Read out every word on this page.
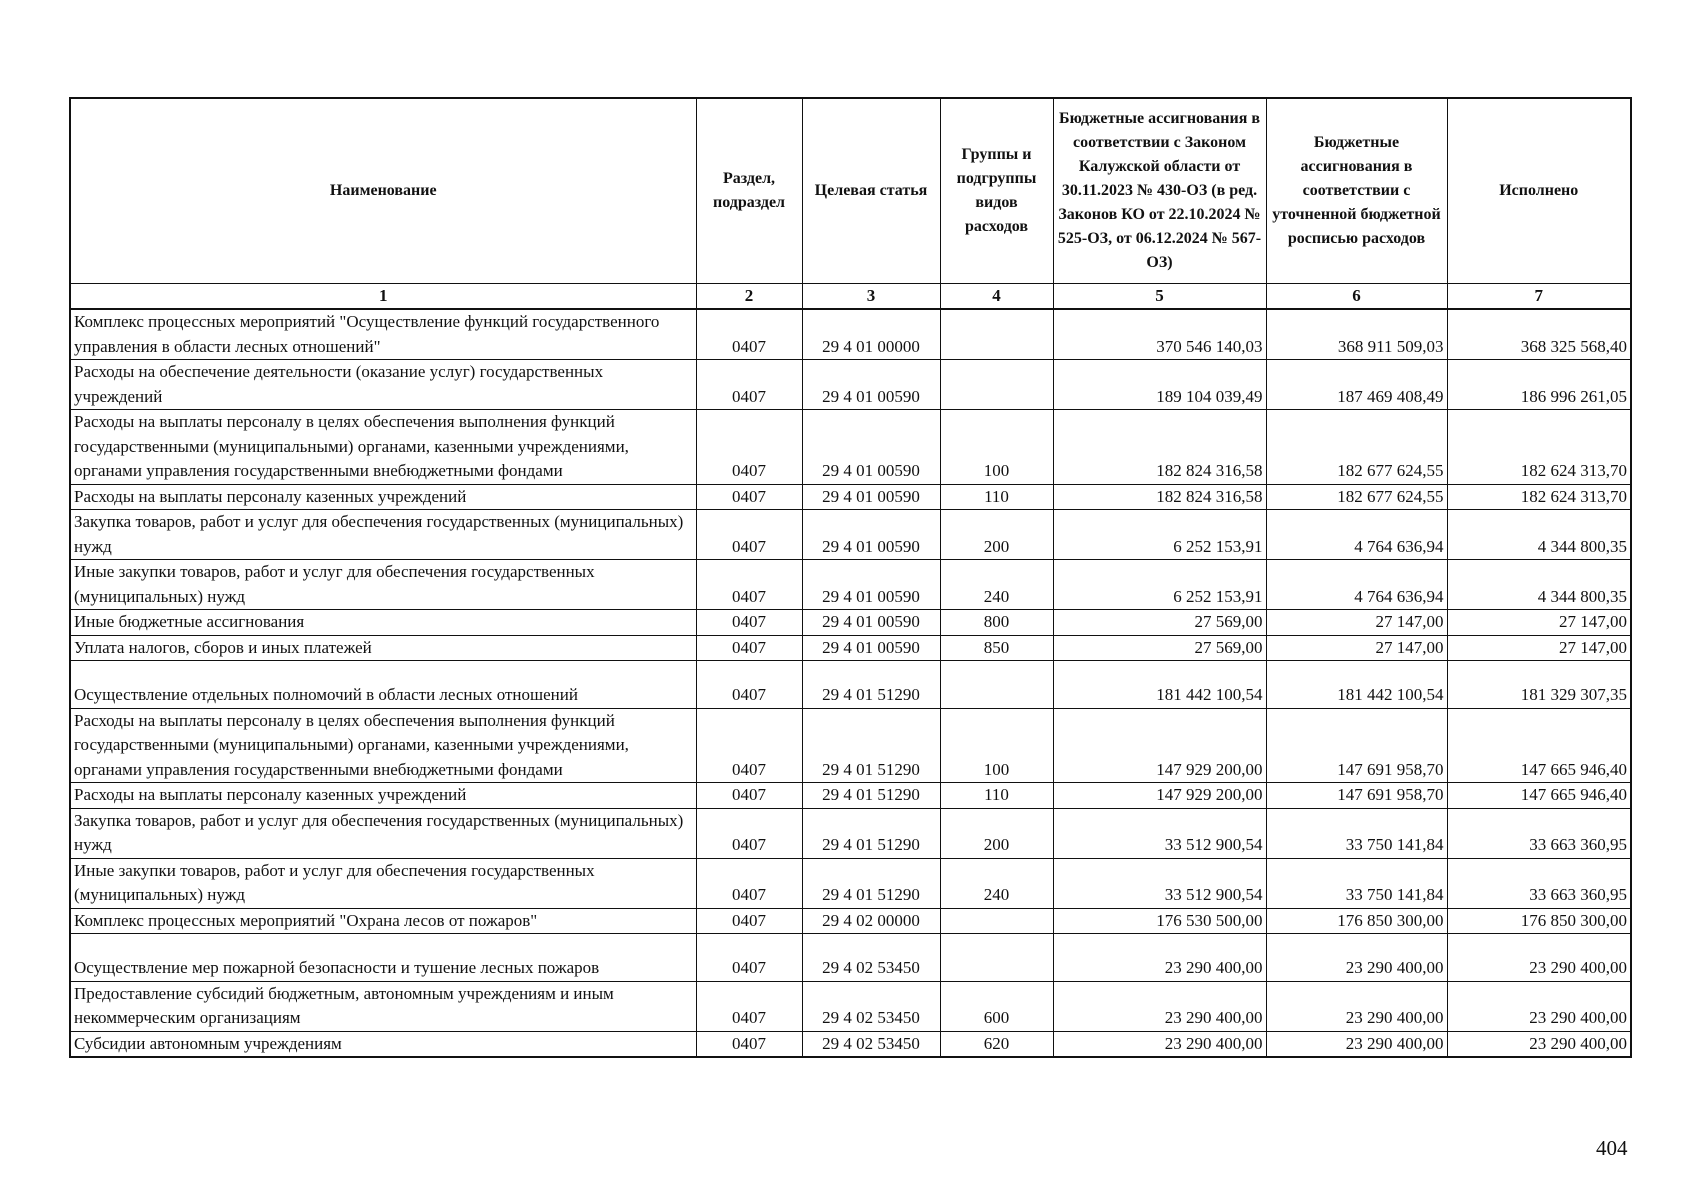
Наименование	Раздел, подраздел	Целевая статья	Группы и подгруппы видов расходов	Бюджетные ассигнования в соответствии с Законом Калужской области от 30.11.2023 № 430-ОЗ (в ред. Законов КО от 22.10.2024 № 525-ОЗ, от 06.12.2024 № 567-ОЗ)	Бюджетные ассигнования в соответствии с уточненной бюджетной росписью расходов	Исполнено
1	2	3	4	5	6	7
Комплекс процессных мероприятий "Осуществление функций государственного управления в области лесных отношений"	0407	29 4 01 00000		370 546 140,03	368 911 509,03	368 325 568,40
Расходы на обеспечение деятельности (оказание услуг) государственных учреждений	0407	29 4 01 00590		189 104 039,49	187 469 408,49	186 996 261,05
Расходы на выплаты персоналу в целях обеспечения выполнения функций государственными (муниципальными) органами, казенными учреждениями, органами управления государственными внебюджетными фондами	0407	29 4 01 00590	100	182 824 316,58	182 677 624,55	182 624 313,70
Расходы на выплаты персоналу казенных учреждений	0407	29 4 01 00590	110	182 824 316,58	182 677 624,55	182 624 313,70
Закупка товаров, работ и услуг для обеспечения государственных (муниципальных) нужд	0407	29 4 01 00590	200	6 252 153,91	4 764 636,94	4 344 800,35
Иные закупки товаров, работ и услуг для обеспечения государственных (муниципальных) нужд	0407	29 4 01 00590	240	6 252 153,91	4 764 636,94	4 344 800,35
Иные бюджетные ассигнования	0407	29 4 01 00590	800	27 569,00	27 147,00	27 147,00
Уплата налогов, сборов и иных платежей	0407	29 4 01 00590	850	27 569,00	27 147,00	27 147,00
Осуществление отдельных полномочий в области лесных отношений	0407	29 4 01 51290		181 442 100,54	181 442 100,54	181 329 307,35
Расходы на выплаты персоналу в целях обеспечения выполнения функций государственными (муниципальными) органами, казенными учреждениями, органами управления государственными внебюджетными фондами	0407	29 4 01 51290	100	147 929 200,00	147 691 958,70	147 665 946,40
Расходы на выплаты персоналу казенных учреждений	0407	29 4 01 51290	110	147 929 200,00	147 691 958,70	147 665 946,40
Закупка товаров, работ и услуг для обеспечения государственных (муниципальных) нужд	0407	29 4 01 51290	200	33 512 900,54	33 750 141,84	33 663 360,95
Иные закупки товаров, работ и услуг для обеспечения государственных (муниципальных) нужд	0407	29 4 01 51290	240	33 512 900,54	33 750 141,84	33 663 360,95
Комплекс процессных мероприятий "Охрана лесов от пожаров"	0407	29 4 02 00000		176 530 500,00	176 850 300,00	176 850 300,00
Осуществление мер пожарной безопасности и тушение лесных пожаров	0407	29 4 02 53450		23 290 400,00	23 290 400,00	23 290 400,00
Предоставление субсидий бюджетным, автономным учреждениям и иным некоммерческим организациям	0407	29 4 02 53450	600	23 290 400,00	23 290 400,00	23 290 400,00
Субсидии автономным учреждениям	0407	29 4 02 53450	620	23 290 400,00	23 290 400,00	23 290 400,00
404
